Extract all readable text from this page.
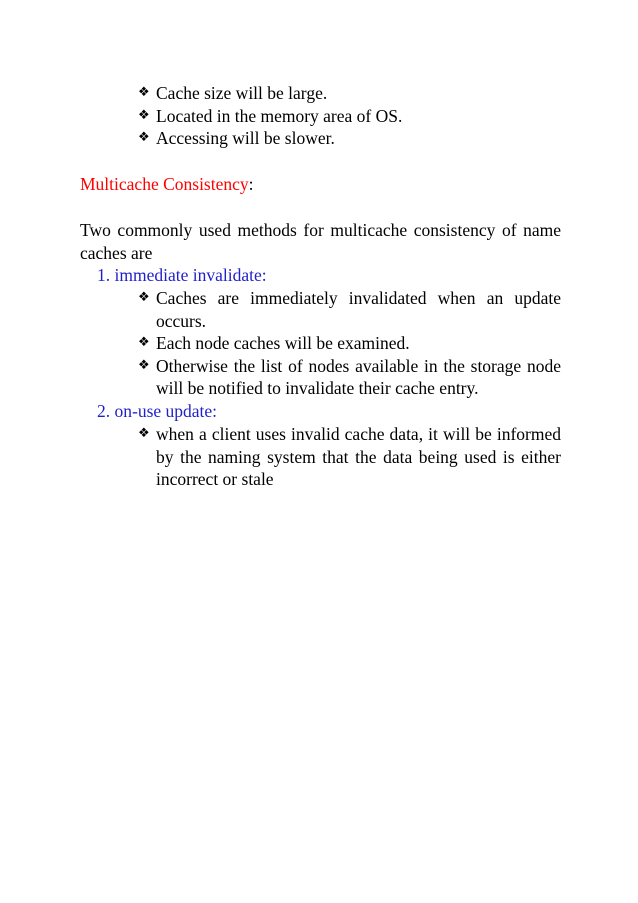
❖ Cache size will be large.
❖ Located in the memory area of OS.
❖ Accessing will be slower.
Multicache Consistency:
Two commonly used methods for multicache consistency of name caches are
1. immediate invalidate:
❖ Caches are immediately invalidated when an update occurs.
❖ Each node caches will be examined.
❖ Otherwise the list of nodes available in the storage node will be notified to invalidate their cache entry.
2. on-use update:
❖ when a client uses invalid cache data, it will be informed by the naming system that the data being used is either incorrect or stale
